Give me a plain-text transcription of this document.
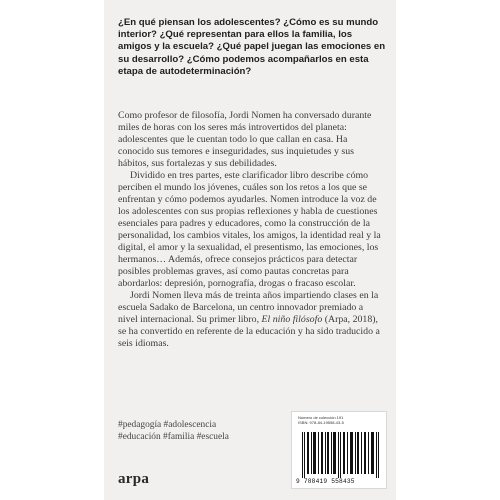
¿En qué piensan los adolescentes? ¿Cómo es su mundo interior? ¿Qué representan para ellos la familia, los amigos y la escuela? ¿Qué papel juegan las emociones en su desarrollo? ¿Cómo podemos acompañarlos en esta etapa de autodeterminación?

Como profesor de filosofía, Jordi Nomen ha conversado durante miles de horas con los seres más introvertidos del planeta: adolescentes que le cuentan todo lo que callan en casa. Ha conocido sus temores e inseguridades, sus inquietudes y sus hábitos, sus fortalezas y sus debilidades.

Dividido en tres partes, este clarificador libro describe cómo perciben el mundo los jóvenes, cuáles son los retos a los que se enfrentan y cómo podemos ayudarles. Nomen introduce la voz de los adolescentes con sus propias reflexiones y habla de cuestiones esenciales para padres y educadores, como la construcción de la personalidad, los cambios vitales, los amigos, la identidad real y la digital, el amor y la sexualidad, el presentismo, las emociones, los hermanos… Además, ofrece consejos prácticos para detectar posibles problemas graves, así como pautas concretas para abordarlos: depresión, pornografía, drogas o fracaso escolar.

Jordi Nomen lleva más de treinta años impartiendo clases en la escuela Sadako de Barcelona, un centro innovador premiado a nivel internacional. Su primer libro, El niño filósofo (Arpa, 2018), se ha convertido en referente de la educación y ha sido traducido a seis idiomas.

#pedagogía #adolescencia
#educación #familia #escuela
arpa
Número de colección 191
ISBN: 978-84-19558-43-5
9 788419 558435
